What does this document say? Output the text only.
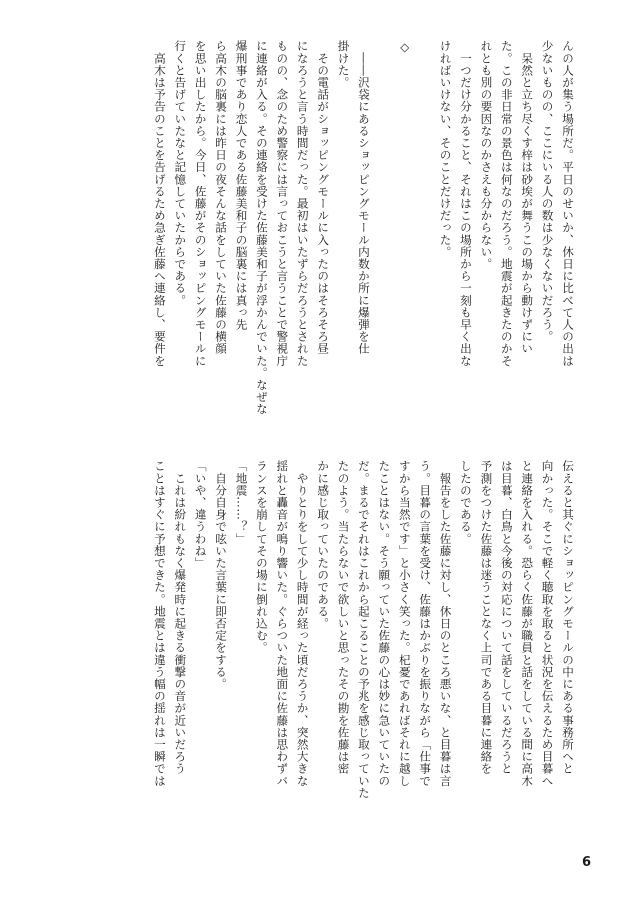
んの人が集う場所だ。平日のせいか、休日に比べて人の出は
少ないものの、ここにいる人の数は少なくないだろう。
　呆然と立ち尽くす梓は砂埃が舞うこの場から動けずにい
た。この非日常の景色は何なのだろう。地震が起きたのかそ
れとも別の要因なのかさえも分からない。
　一つだけ分かること、それはこの場所から一刻も早く出な
ければいけない、そのことだけだった。

◇

　――沢袋にあるショッピングモール内数か所に爆弾を仕
掛けた。
　その電話がショッピングモールに入ったのはそろそろ昼
になろうと言う時間だった。最初はいたずらだろうとされた
ものの、念のため警察には言っておこうと言うことで警視庁
に連絡が入る。その連絡を受けた佐藤美和子が浮かんでいた。なぜな
爆刑事であり恋人である佐藤美和子の脳裏には真っ先
ら高木の脳裏には昨日の夜そんな話をしていた佐藤の横顔
を思い出したから。今日、佐藤がそのショッピングモールに
行くと告げていたなと記憶していたからである。
　高木は予告のことを告げるため急ぎ佐藤へ連絡し、要件を
伝えると其ぐにショッピングモールの中にある事務所へと
向かった。そこで軽く聴取を取ると状況を伝えるため目暮へ
と連絡を入れる。恐らく佐藤が職員と話をしている間に高木
は目暮、白鳥と今後の対応について話をしているだろうと
予測をつけた佐藤は迷うことなく上司である目暮に連絡を
したのである。
　報告をした佐藤に対し、休日のところ悪いな、と目暮は言
う。目暮の言葉を受け、佐藤はかぶりを振りながら「仕事で
すから当然です」と小さく笑った。杞憂であればそれに越し
たことはない。そう願っていた佐藤の心は妙に急いていたの
だ。まるでそれはこれから起こることの予兆を感じ取っていた
たのよう。当たらないで欲しいと思ったその勘を佐藤は密
かに感じ取っていたのである。
　やりとりをして少し時間が経った頃だろうか、突然大きな
揺れと轟音が鳴り響いた。ぐらついた地面に佐藤は思わずバ
ランスを崩してその場に倒れ込む。
「地震……？」
　自分自身で呟いた言葉に即否定をする。
「いや、違うわね」
　これは紛れもなく爆発時に起きる衝撃の音が近いだろう
ことはすぐに予想できた。地震とは違う幅の揺れは一瞬では
6
